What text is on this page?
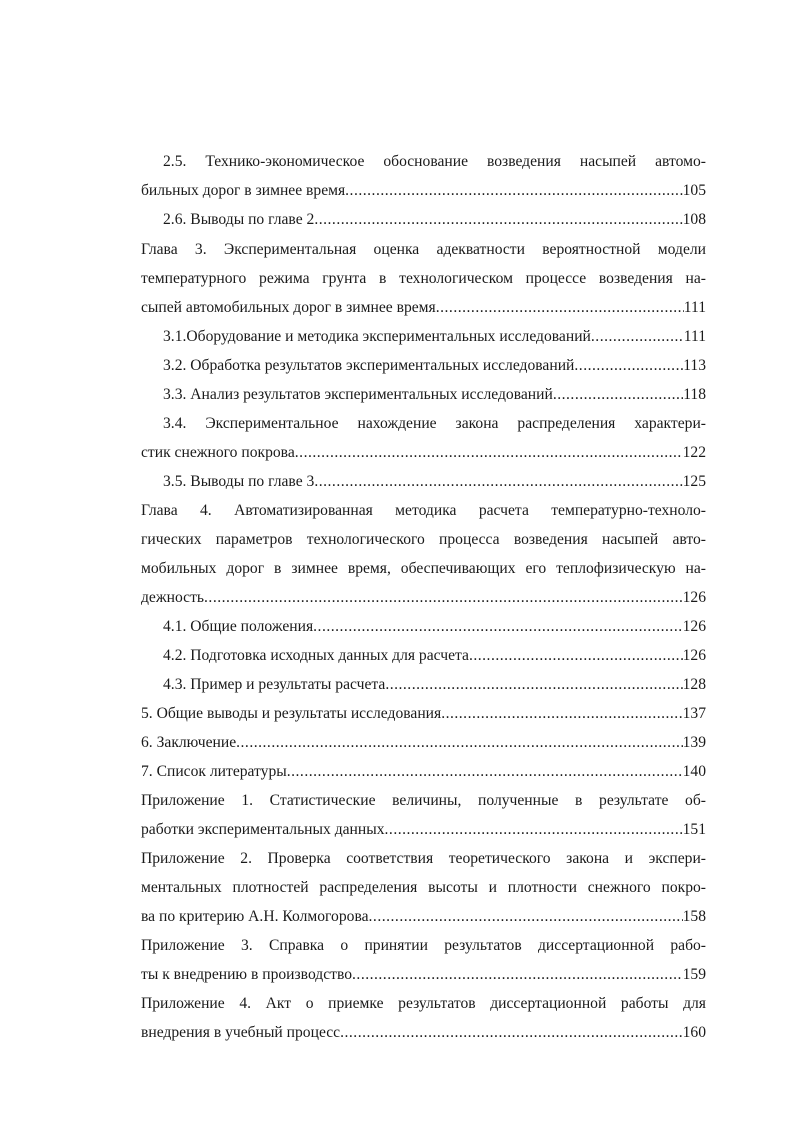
2.5. Технико-экономическое обоснование возведения насыпей автомо-
бильных дорог в зимнее время .....	105
2.6. Выводы по главе 2 .....	108
Глава 3. Экспериментальная оценка адекватности вероятностной модели
температурного режима грунта в технологическом процессе возведения на-
сыпей автомобильных дорог в зимнее время .....	111
3.1.Оборудование и методика экспериментальных исследований .....	111
3.2. Обработка результатов экспериментальных исследований .....	113
3.3. Анализ результатов экспериментальных исследований .....	118
3.4. Экспериментальное нахождение закона распределения характери-
стик снежного покрова .....	122
3.5. Выводы по главе 3 .....	125
Глава 4. Автоматизированная методика расчета температурно-техноло-
гических параметров технологического процесса возведения насыпей авто-
мобильных дорог в зимнее время, обеспечивающих его теплофизическую на-
дежность .....	126
4.1. Общие положения .....	126
4.2. Подготовка исходных данных для расчета .....	126
4.3. Пример и результаты расчета .....	128
5. Общие выводы и результаты исследования .....	137
6. Заключение .....	139
7. Список литературы .....	140
Приложение 1. Статистические величины, полученные в результате об-
работки экспериментальных данных .....	151
Приложение 2. Проверка соответствия теоретического закона и экспери-
ментальных плотностей распределения высоты и плотности снежного покро-
ва по критерию А.Н. Колмогорова .....	158
Приложение 3. Справка о принятии результатов диссертационной рабо-
ты к внедрению в производство .....	159
Приложение 4. Акт о приемке результатов диссертационной работы для
внедрения в учебный процесс .....	160
